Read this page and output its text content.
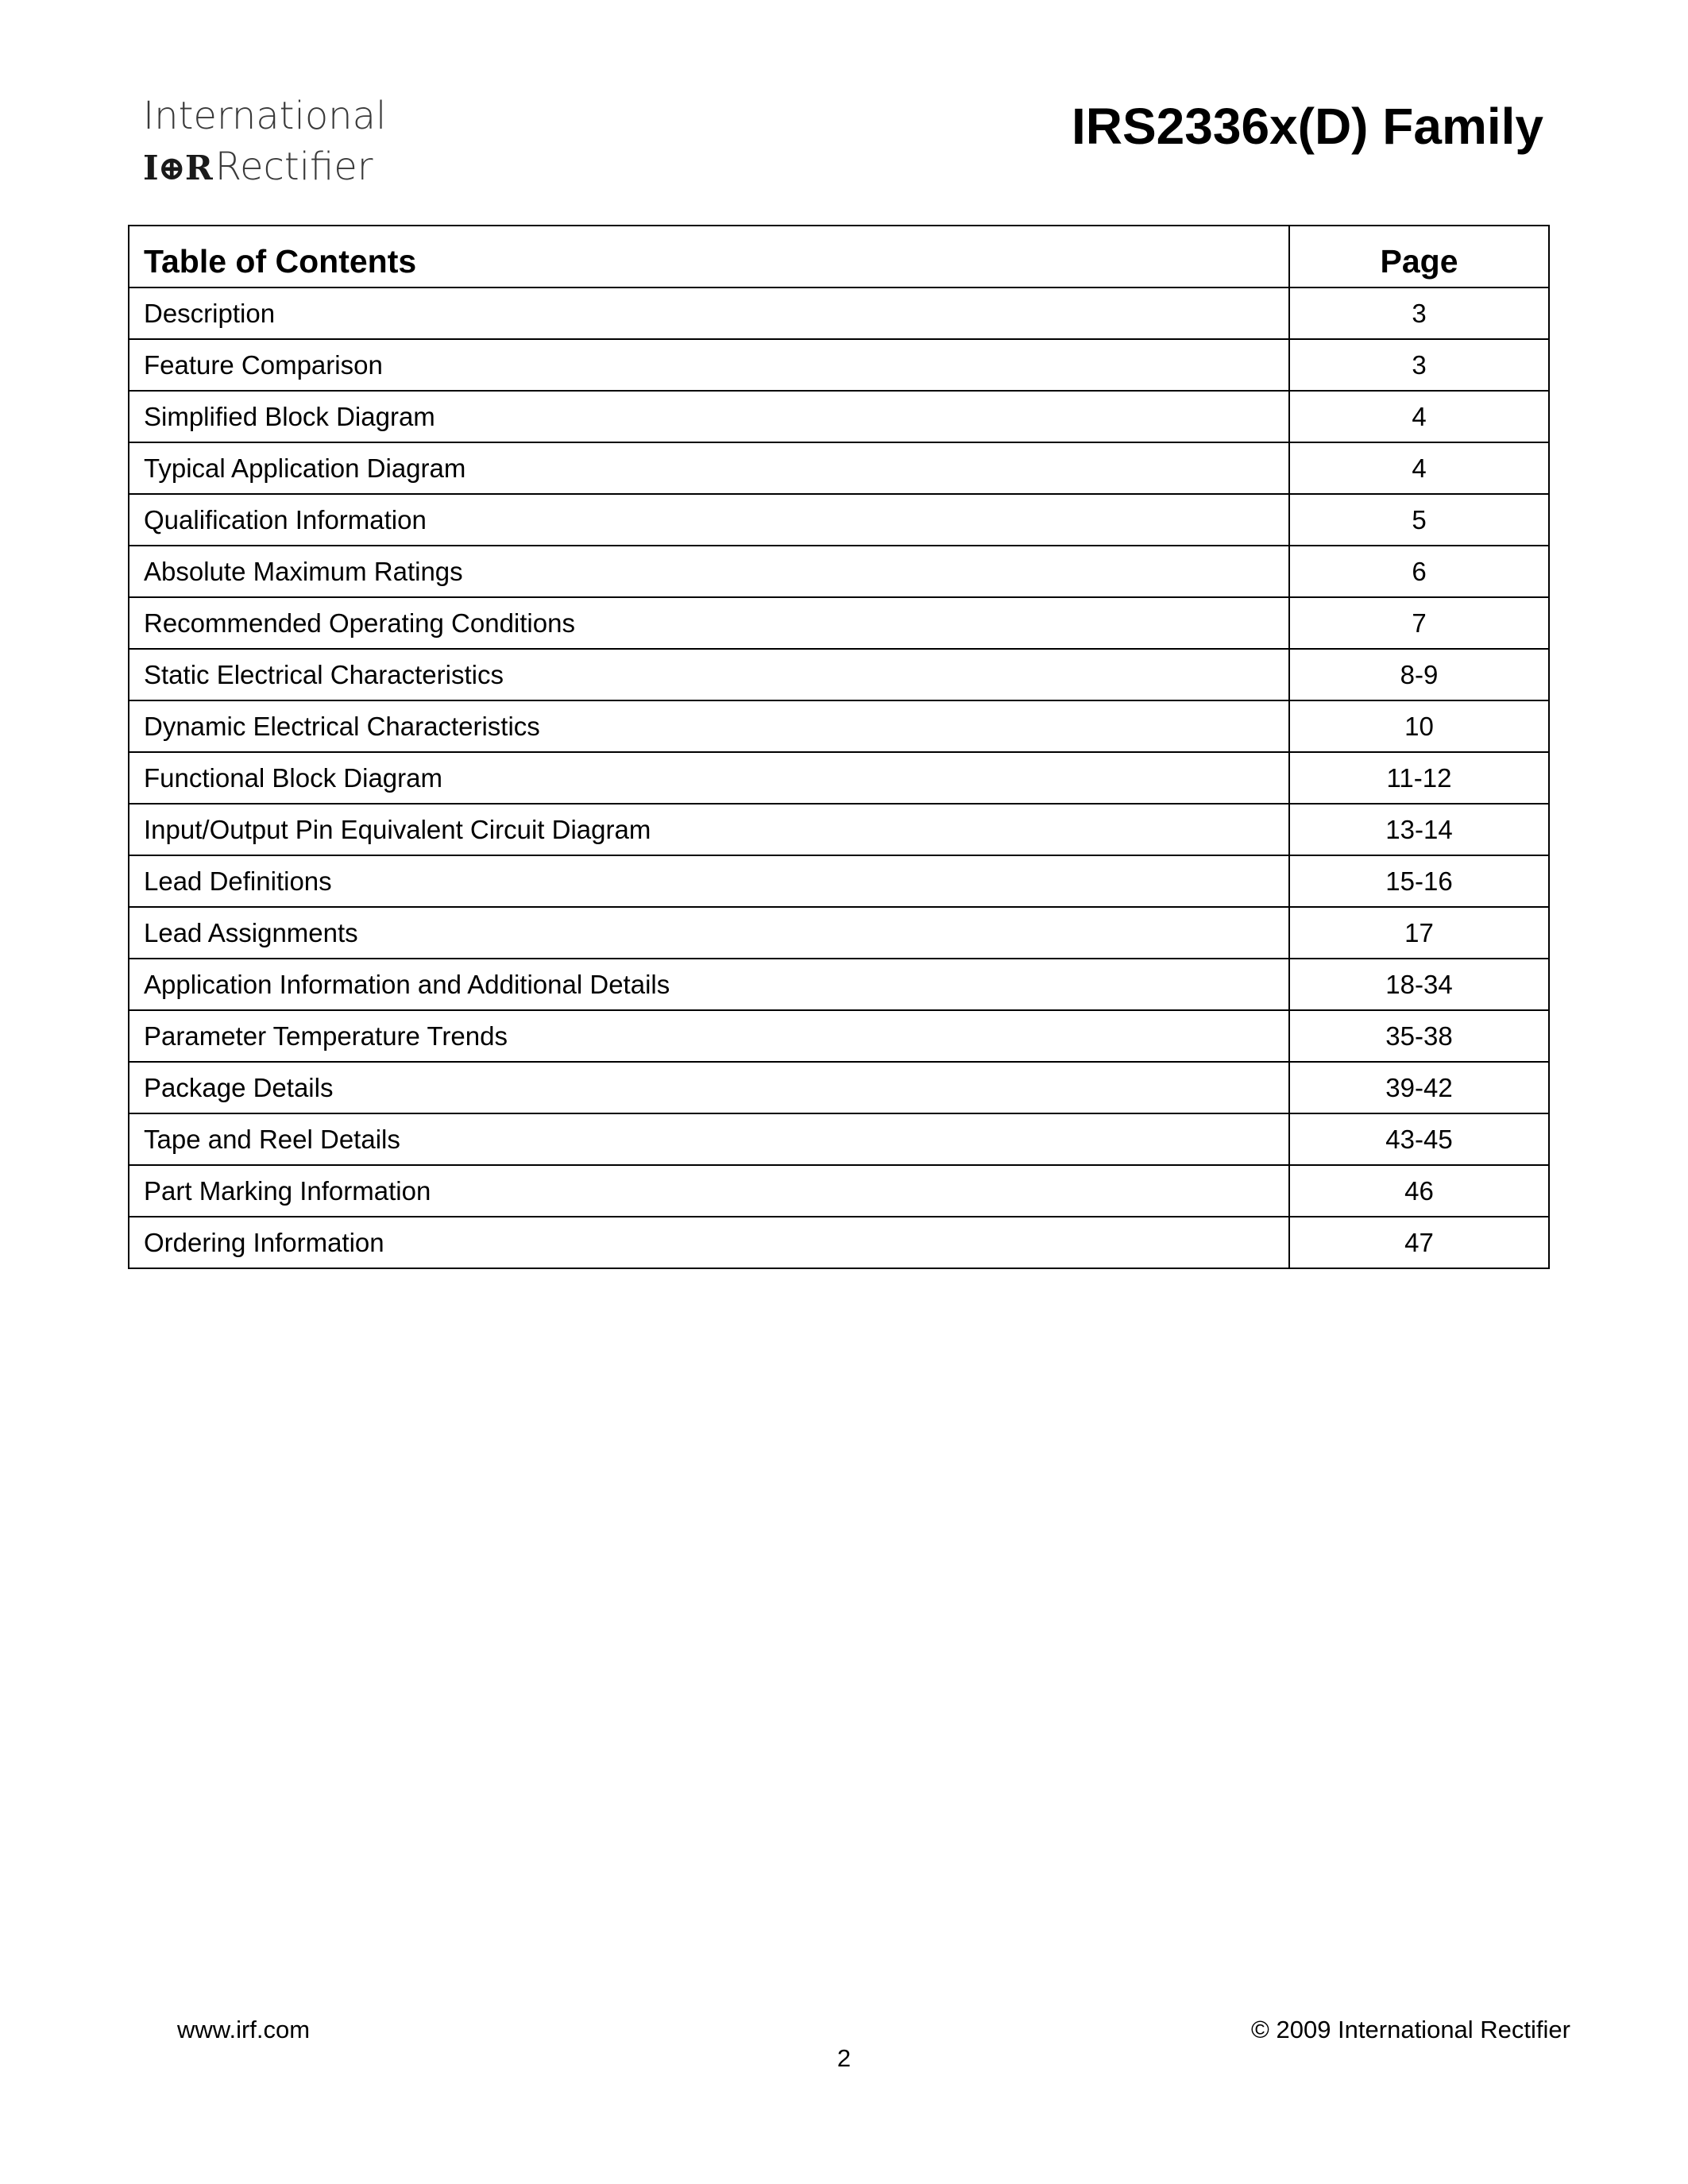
International
I⊕RRectifier
IRS2336x(D) Family
Table of Contents	Page
Description	3
Feature Comparison	3
Simplified Block Diagram	4
Typical Application Diagram	4
Qualification Information	5
Absolute Maximum Ratings	6
Recommended Operating Conditions	7
Static Electrical Characteristics	8-9
Dynamic Electrical Characteristics	10
Functional Block Diagram	11-12
Input/Output Pin Equivalent Circuit Diagram	13-14
Lead Definitions	15-16
Lead Assignments	17
Application Information and Additional Details	18-34
Parameter Temperature Trends	35-38
Package Details	39-42
Tape and Reel Details	43-45
Part Marking Information	46
Ordering Information	47
www.irf.com	© 2009 International Rectifier
2
